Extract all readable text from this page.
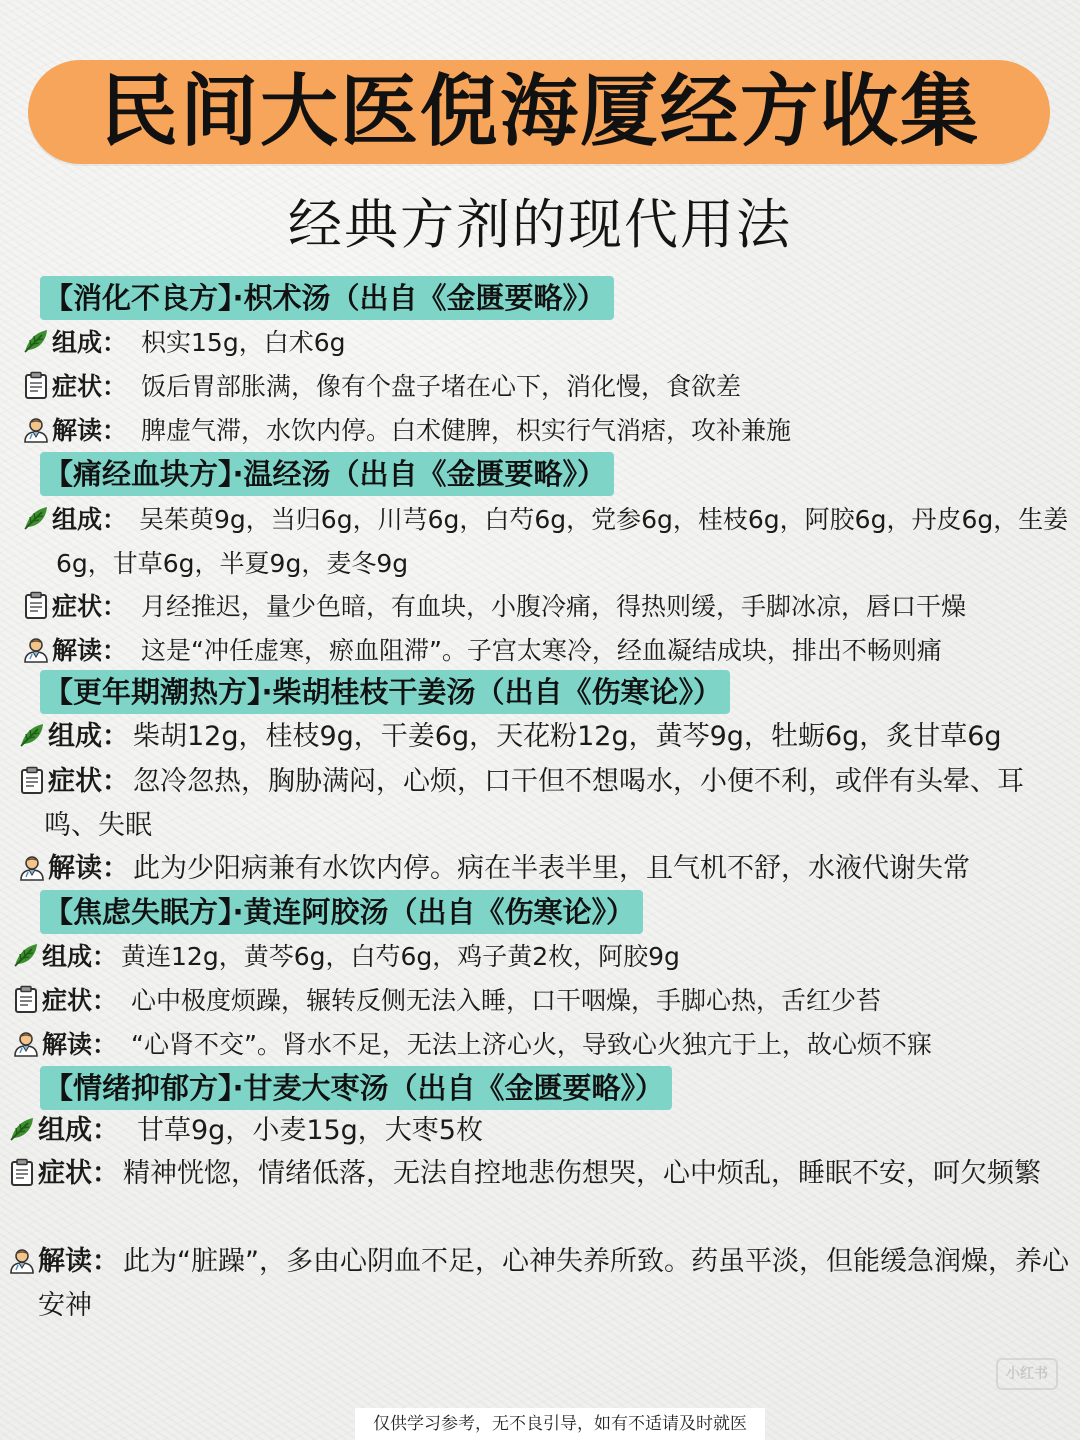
民间大医倪海厦经方收集
经典方剂的现代用法
【消化不良方】·枳术汤（出自《金匮要略》）
组成： 枳实15g，白术6g
症状： 饭后胃部胀满，像有个盘子堵在心下，消化慢，食欲差
解读： 脾虚气滞，水饮内停。白术健脾，枳实行气消痞，攻补兼施
【痛经血块方】·温经汤（出自《金匮要略》）
组成： 吴茱萸9g，当归6g，川芎6g，白芍6g，党参6g，桂枝6g，阿胶6g，丹皮6g，生姜6g，甘草6g，半夏9g，麦冬9g
症状： 月经推迟，量少色暗，有血块，小腹冷痛，得热则缓，手脚冰凉，唇口干燥
解读： 这是“冲任虚寒，瘀血阻滞”。子宫太寒冷，经血凝结成块，排出不畅则痛
【更年期潮热方】·柴胡桂枝干姜汤（出自《伤寒论》）
组成： 柴胡12g，桂枝9g，干姜6g，天花粉12g，黄芩9g，牡蛎6g，炙甘草6g
症状： 忽冷忽热，胸胁满闷，心烦，口干但不想喝水，小便不利，或伴有头晕、耳鸣、失眠
解读： 此为少阳病兼有水饮内停。病在半表半里，且气机不舒，水液代谢失常
【焦虑失眠方】·黄连阿胶汤（出自《伤寒论》）
组成： 黄连12g，黄芩6g，白芍6g，鸡子黄2枚，阿胶9g
症状： 心中极度烦躁，辗转反侧无法入睡，口干咽燥，手脚心热，舌红少苔
解读： “心肾不交”。肾水不足，无法上济心火，导致心火独亢于上，故心烦不寐
【情绪抑郁方】·甘麦大枣汤（出自《金匮要略》）
组成： 甘草9g，小麦15g，大枣5枚
症状： 精神恍惚，情绪低落，无法自控地悲伤想哭，心中烦乱，睡眠不安，呵欠频繁
解读： 此为“脏躁”，多由心阴血不足，心神失养所致。药虽平淡，但能缓急润燥，养心安神
小红书
仅供学习参考，无不良引导，如有不适请及时就医
